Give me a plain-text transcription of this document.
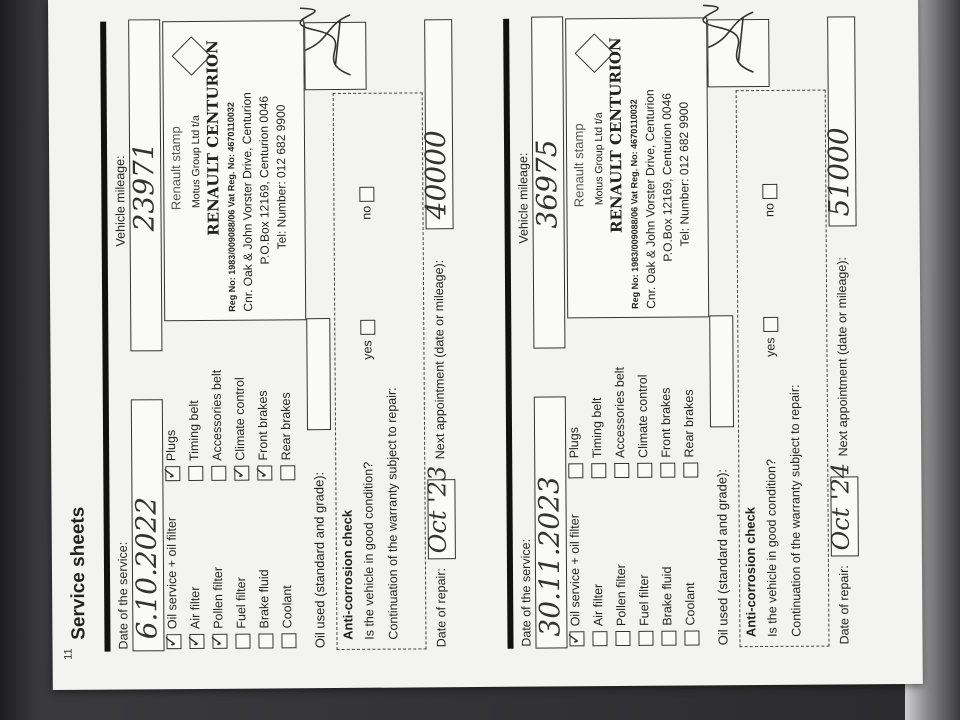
11
Service sheets Date of the service:
6.10.2022
Vehicle mileage: 23971 Renault stamp Motus Group Ltd t/a RENAULT CENTURION Reg No: 1983/009088/06 Vat Reg. No: 4670110032 Cnr. Oak & John Vorster Drive, Centurion P.O.Box 12169, Centurion 0046 Tel: Number: 012 682 9900
Oil used (standard and grade): Anti-corrosion check Is the vehicle in good condition?
yes
no
Continuation of the warranty subject to repair:	Date of repair:
Oct '23
Next appointment (date or mileage):
40000
✓
Oil service + oil filter
✓ Air filter
✓ Pollen filter Fuel filter Brake fluid Coolant
✓
Plugs Timing belt Accessories belt
✓ Climate control
✓ Front brakes Rear brakes
Date of the service:
30.11.2023
Vehicle mileage: 36975 Renault stamp Motus Group Ltd t/a RENAULT CENTURION Reg No: 1983/009088/06 Vat Reg. No: 4670110032 Cnr. Oak & John Vorster Drive, Centurion P.O.Box 12169, Centurion 0046 Tel: Number: 012 682 9900
Oil used (standard and grade): Anti-corrosion check Is the vehicle in good condition?
yes
no
Continuation of the warranty subject to repair:	Date of repair:
Oct '24
Next appointment (date or mileage):
51000
✓
Oil service + oil filter Air filter Pollen filter Fuel filter Brake fluid Coolant
Plugs Timing belt Accessories belt Climate control Front brakes Rear brakes
